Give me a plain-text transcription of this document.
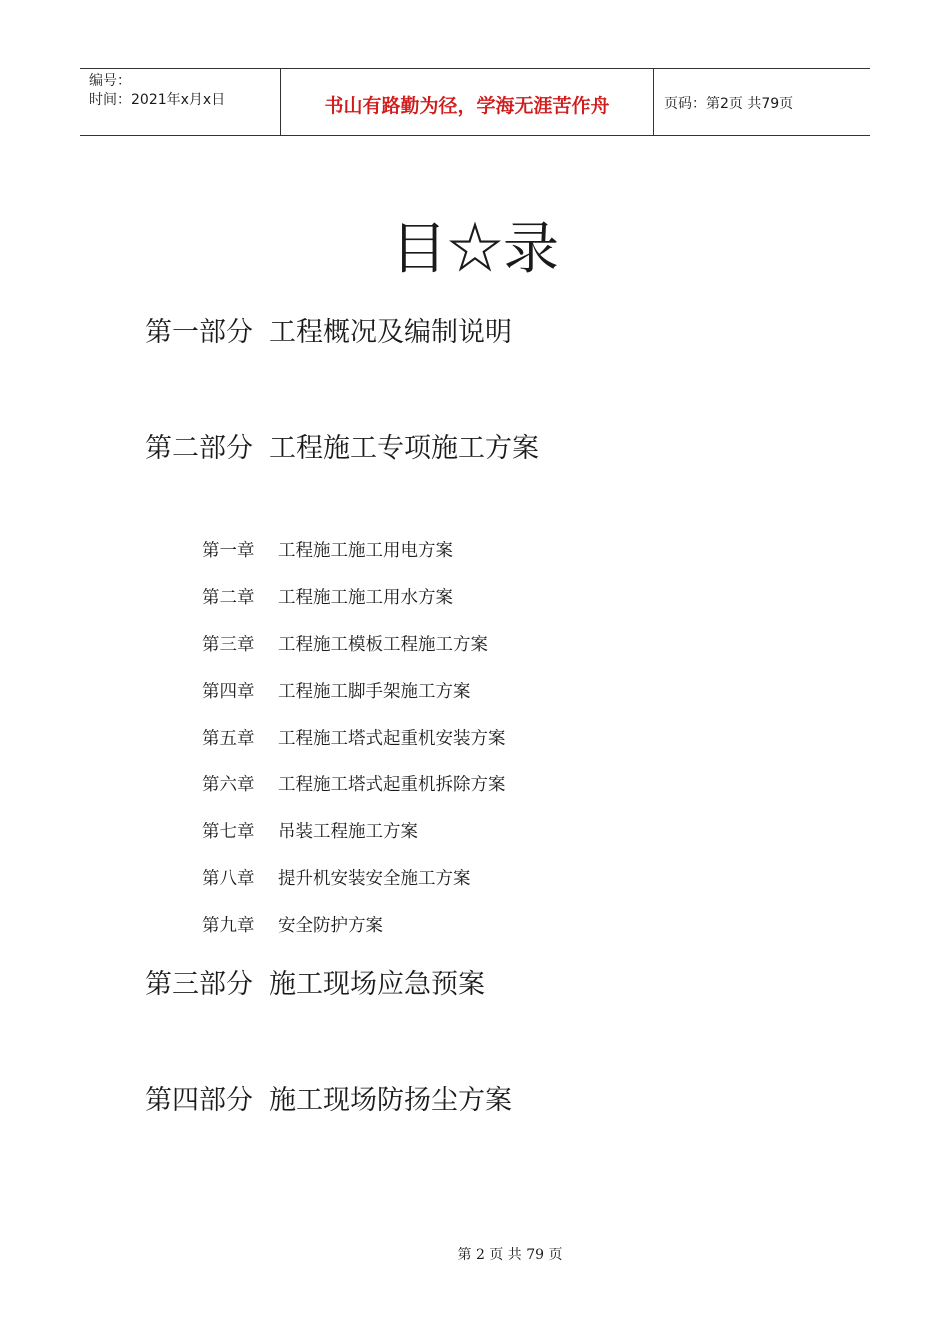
编号：
时间：2021年x月x日	书山有路勤为径，学海无涯苦作舟	页码：第2页 共79页
目☆录
第一部分 工程概况及编制说明
第二部分 工程施工专项施工方案
第一章 工程施工施工用电方案
第二章 工程施工施工用水方案
第三章 工程施工模板工程施工方案
第四章 工程施工脚手架施工方案
第五章 工程施工塔式起重机安装方案
第六章 工程施工塔式起重机拆除方案
第七章 吊装工程施工方案
第八章 提升机安装安全施工方案
第九章 安全防护方案
第三部分 施工现场应急预案
第四部分 施工现场防扬尘方案
第 2 页 共 79 页
